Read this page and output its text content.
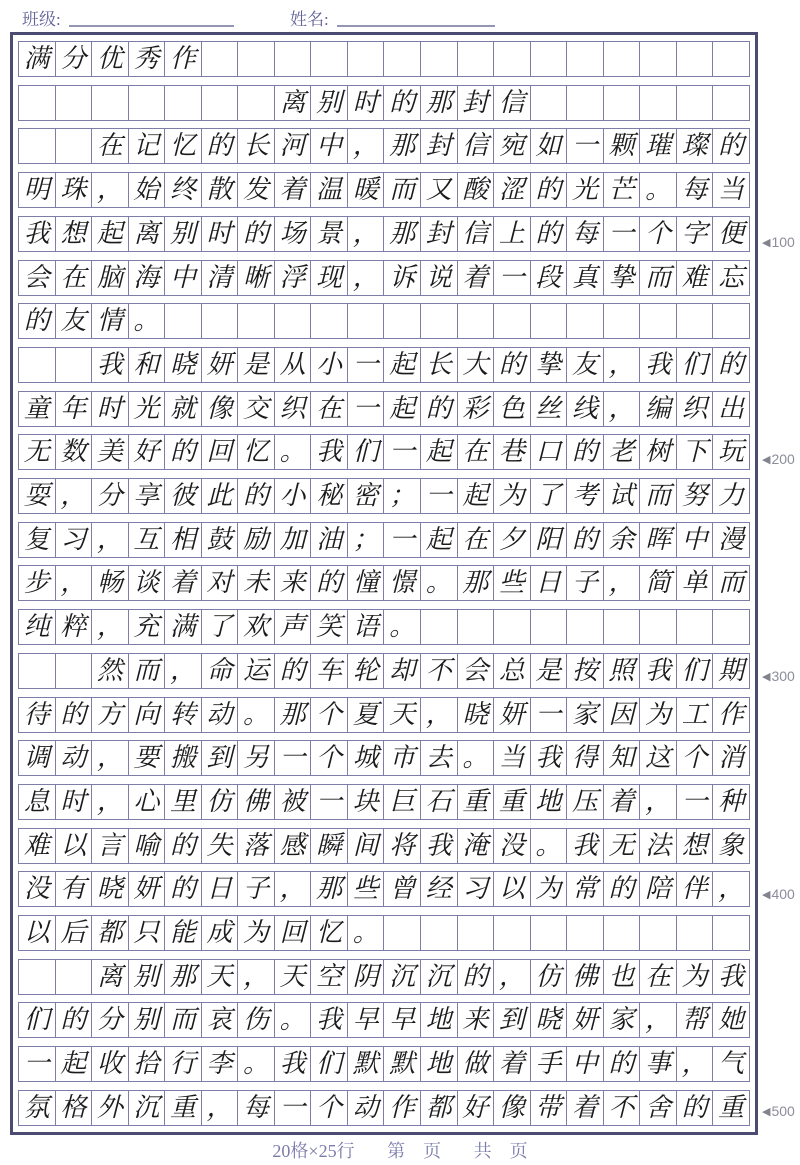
班级:	姓名:
满 分 优 秀 作
离 别 时 的 那 封 信
在 记 忆 的 长 河 中 ， 那 封 信 宛 如 一 颗 璀 璨 的
明 珠 ， 始 终 散 发 着 温 暖 而 又 酸 涩 的 光 芒 。 每 当
我 想 起 离 别 时 的 场 景 ， 那 封 信 上 的 每 一 个 字 便
会 在 脑 海 中 清 晰 浮 现 ， 诉 说 着 一 段 真 挚 而 难 忘
的 友 情 。
我 和 晓 妍 是 从 小 一 起 长 大 的 挚 友 ， 我 们 的
童 年 时 光 就 像 交 织 在 一 起 的 彩 色 丝 线 ， 编 织 出
无 数 美 好 的 回 忆 。 我 们 一 起 在 巷 口 的 老 树 下 玩
耍 ， 分 享 彼 此 的 小 秘 密 ； 一 起 为 了 考 试 而 努 力
复 习 ， 互 相 鼓 励 加 油 ； 一 起 在 夕 阳 的 余 晖 中 漫
步 ， 畅 谈 着 对 未 来 的 憧 憬 。 那 些 日 子 ， 简 单 而
纯 粹 ， 充 满 了 欢 声 笑 语 。
然 而 ， 命 运 的 车 轮 却 不 会 总 是 按 照 我 们 期
待 的 方 向 转 动 。 那 个 夏 天 ， 晓 妍 一 家 因 为 工 作
调 动 ， 要 搬 到 另 一 个 城 市 去 。 当 我 得 知 这 个 消
息 时 ， 心 里 仿 佛 被 一 块 巨 石 重 重 地 压 着 ， 一 种
难 以 言 喻 的 失 落 感 瞬 间 将 我 淹 没 。 我 无 法 想 象
没 有 晓 妍 的 日 子 ， 那 些 曾 经 习 以 为 常 的 陪 伴 ，
以 后 都 只 能 成 为 回 忆 。
离 别 那 天 ， 天 空 阴 沉 沉 的 ， 仿 佛 也 在 为 我
们 的 分 别 而 哀 伤 。 我 早 早 地 来 到 晓 妍 家 ， 帮 她
一 起 收 拾 行 李 。 我 们 默 默 地 做 着 手 中 的 事 ， 气
氛 格 外 沉 重 ， 每 一 个 动 作 都 好 像 带 着 不 舍 的 重
◀ 100
◀ 200
◀ 300
◀ 400
◀ 500
20格×25行 第　页 共　页
